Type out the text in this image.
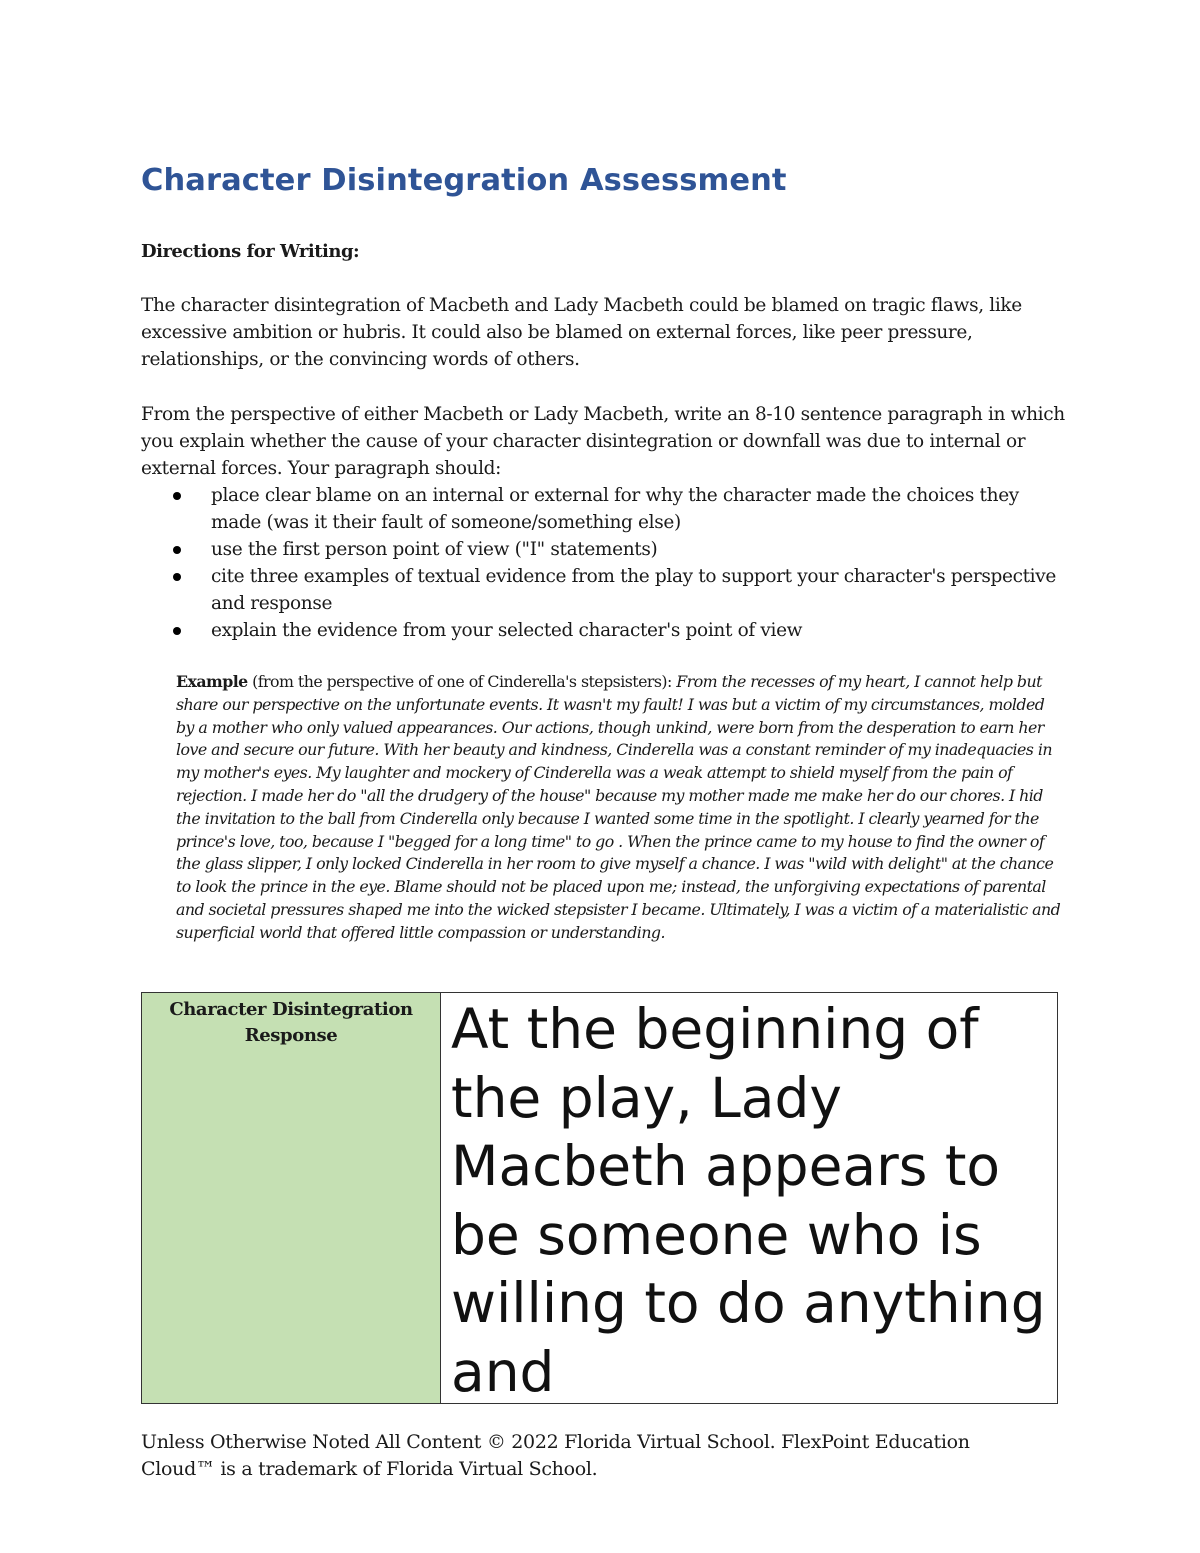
Character Disintegration Assessment

Directions for Writing:

The character disintegration of Macbeth and Lady Macbeth could be blamed on tragic flaws, like excessive ambition or hubris. It could also be blamed on external forces, like peer pressure, relationships, or the convincing words of others.

From the perspective of either Macbeth or Lady Macbeth, write an 8-10 sentence paragraph in which you explain whether the cause of your character disintegration or downfall was due to internal or external forces. Your paragraph should:

place clear blame on an internal or external for why the character made the choices they made (was it their fault of someone/something else)
use the first person point of view ("I" statements)
cite three examples of textual evidence from the play to support your character's perspective and response
explain the evidence from your selected character's point of view

Example (from the perspective of one of Cinderella's stepsisters): From the recesses of my heart, I cannot help but share our perspective on the unfortunate events. It wasn't my fault! I was but a victim of my circumstances, molded by a mother who only valued appearances. Our actions, though unkind, were born from the desperation to earn her love and secure our future. With her beauty and kindness, Cinderella was a constant reminder of my inadequacies in my mother's eyes. My laughter and mockery of Cinderella was a weak attempt to shield myself from the pain of rejection. I made her do "all the drudgery of the house" because my mother made me make her do our chores. I hid the invitation to the ball from Cinderella only because I wanted some time in the spotlight. I clearly yearned for the prince's love, too, because I "begged for a long time" to go . When the prince came to my house to find the owner of the glass slipper, I only locked Cinderella in her room to give myself a chance. I was "wild with delight" at the chance to look the prince in the eye. Blame should not be placed upon me; instead, the unforgiving expectations of parental and societal pressures shaped me into the wicked stepsister I became. Ultimately, I was a victim of a materialistic and superficial world that offered little compassion or understanding.

Character Disintegration Response	At the beginning of the play, Lady Macbeth appears to be someone who is willing to do anything and

Unless Otherwise Noted All Content © 2022 Florida Virtual School. FlexPoint Education Cloud™ is a trademark of Florida Virtual School.
